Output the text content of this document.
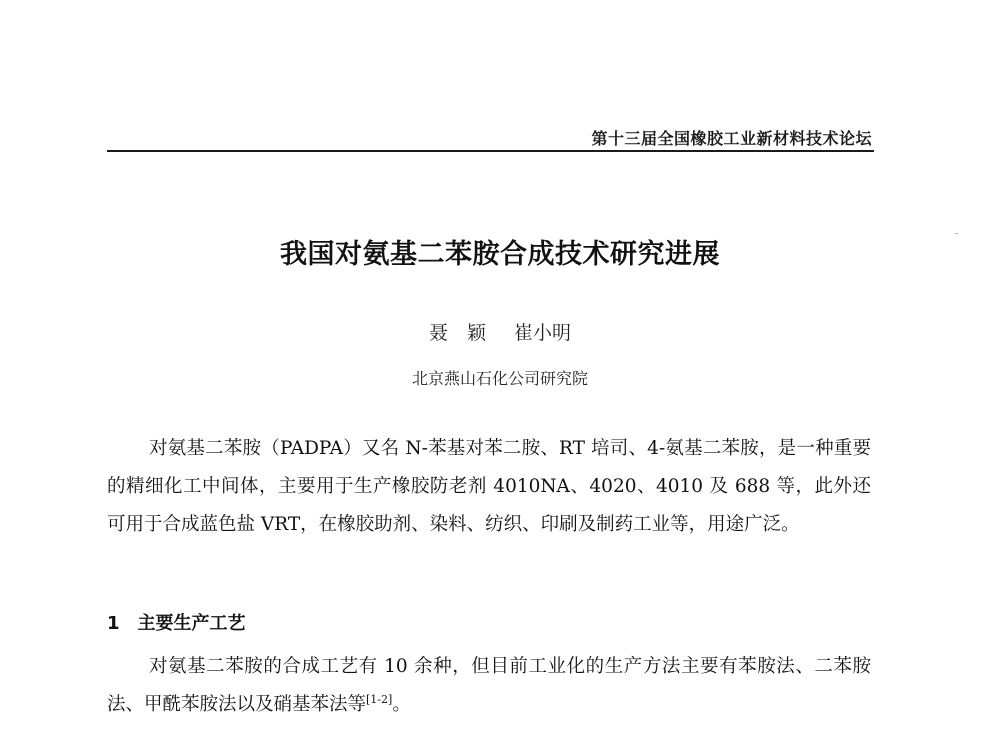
第十三届全国橡胶工业新材料技术论坛
我国对氨基二苯胺合成技术研究进展
聂　颖 崔小明
北京燕山石化公司研究院
对氨基二苯胺（PADPA）又名 N-苯基对苯二胺、RT 培司、4-氨基二苯胺，是一种重要的精细化工中间体，主要用于生产橡胶防老剂 4010NA、4020、4010 及 688 等，此外还可用于合成蓝色盐 VRT，在橡胶助剂、染料、纺织、印刷及制药工业等，用途广泛。
1 主要生产工艺
对氨基二苯胺的合成工艺有 10 余种，但目前工业化的生产方法主要有苯胺法、二苯胺法、甲酰苯胺法以及硝基苯法等[1-2]。
